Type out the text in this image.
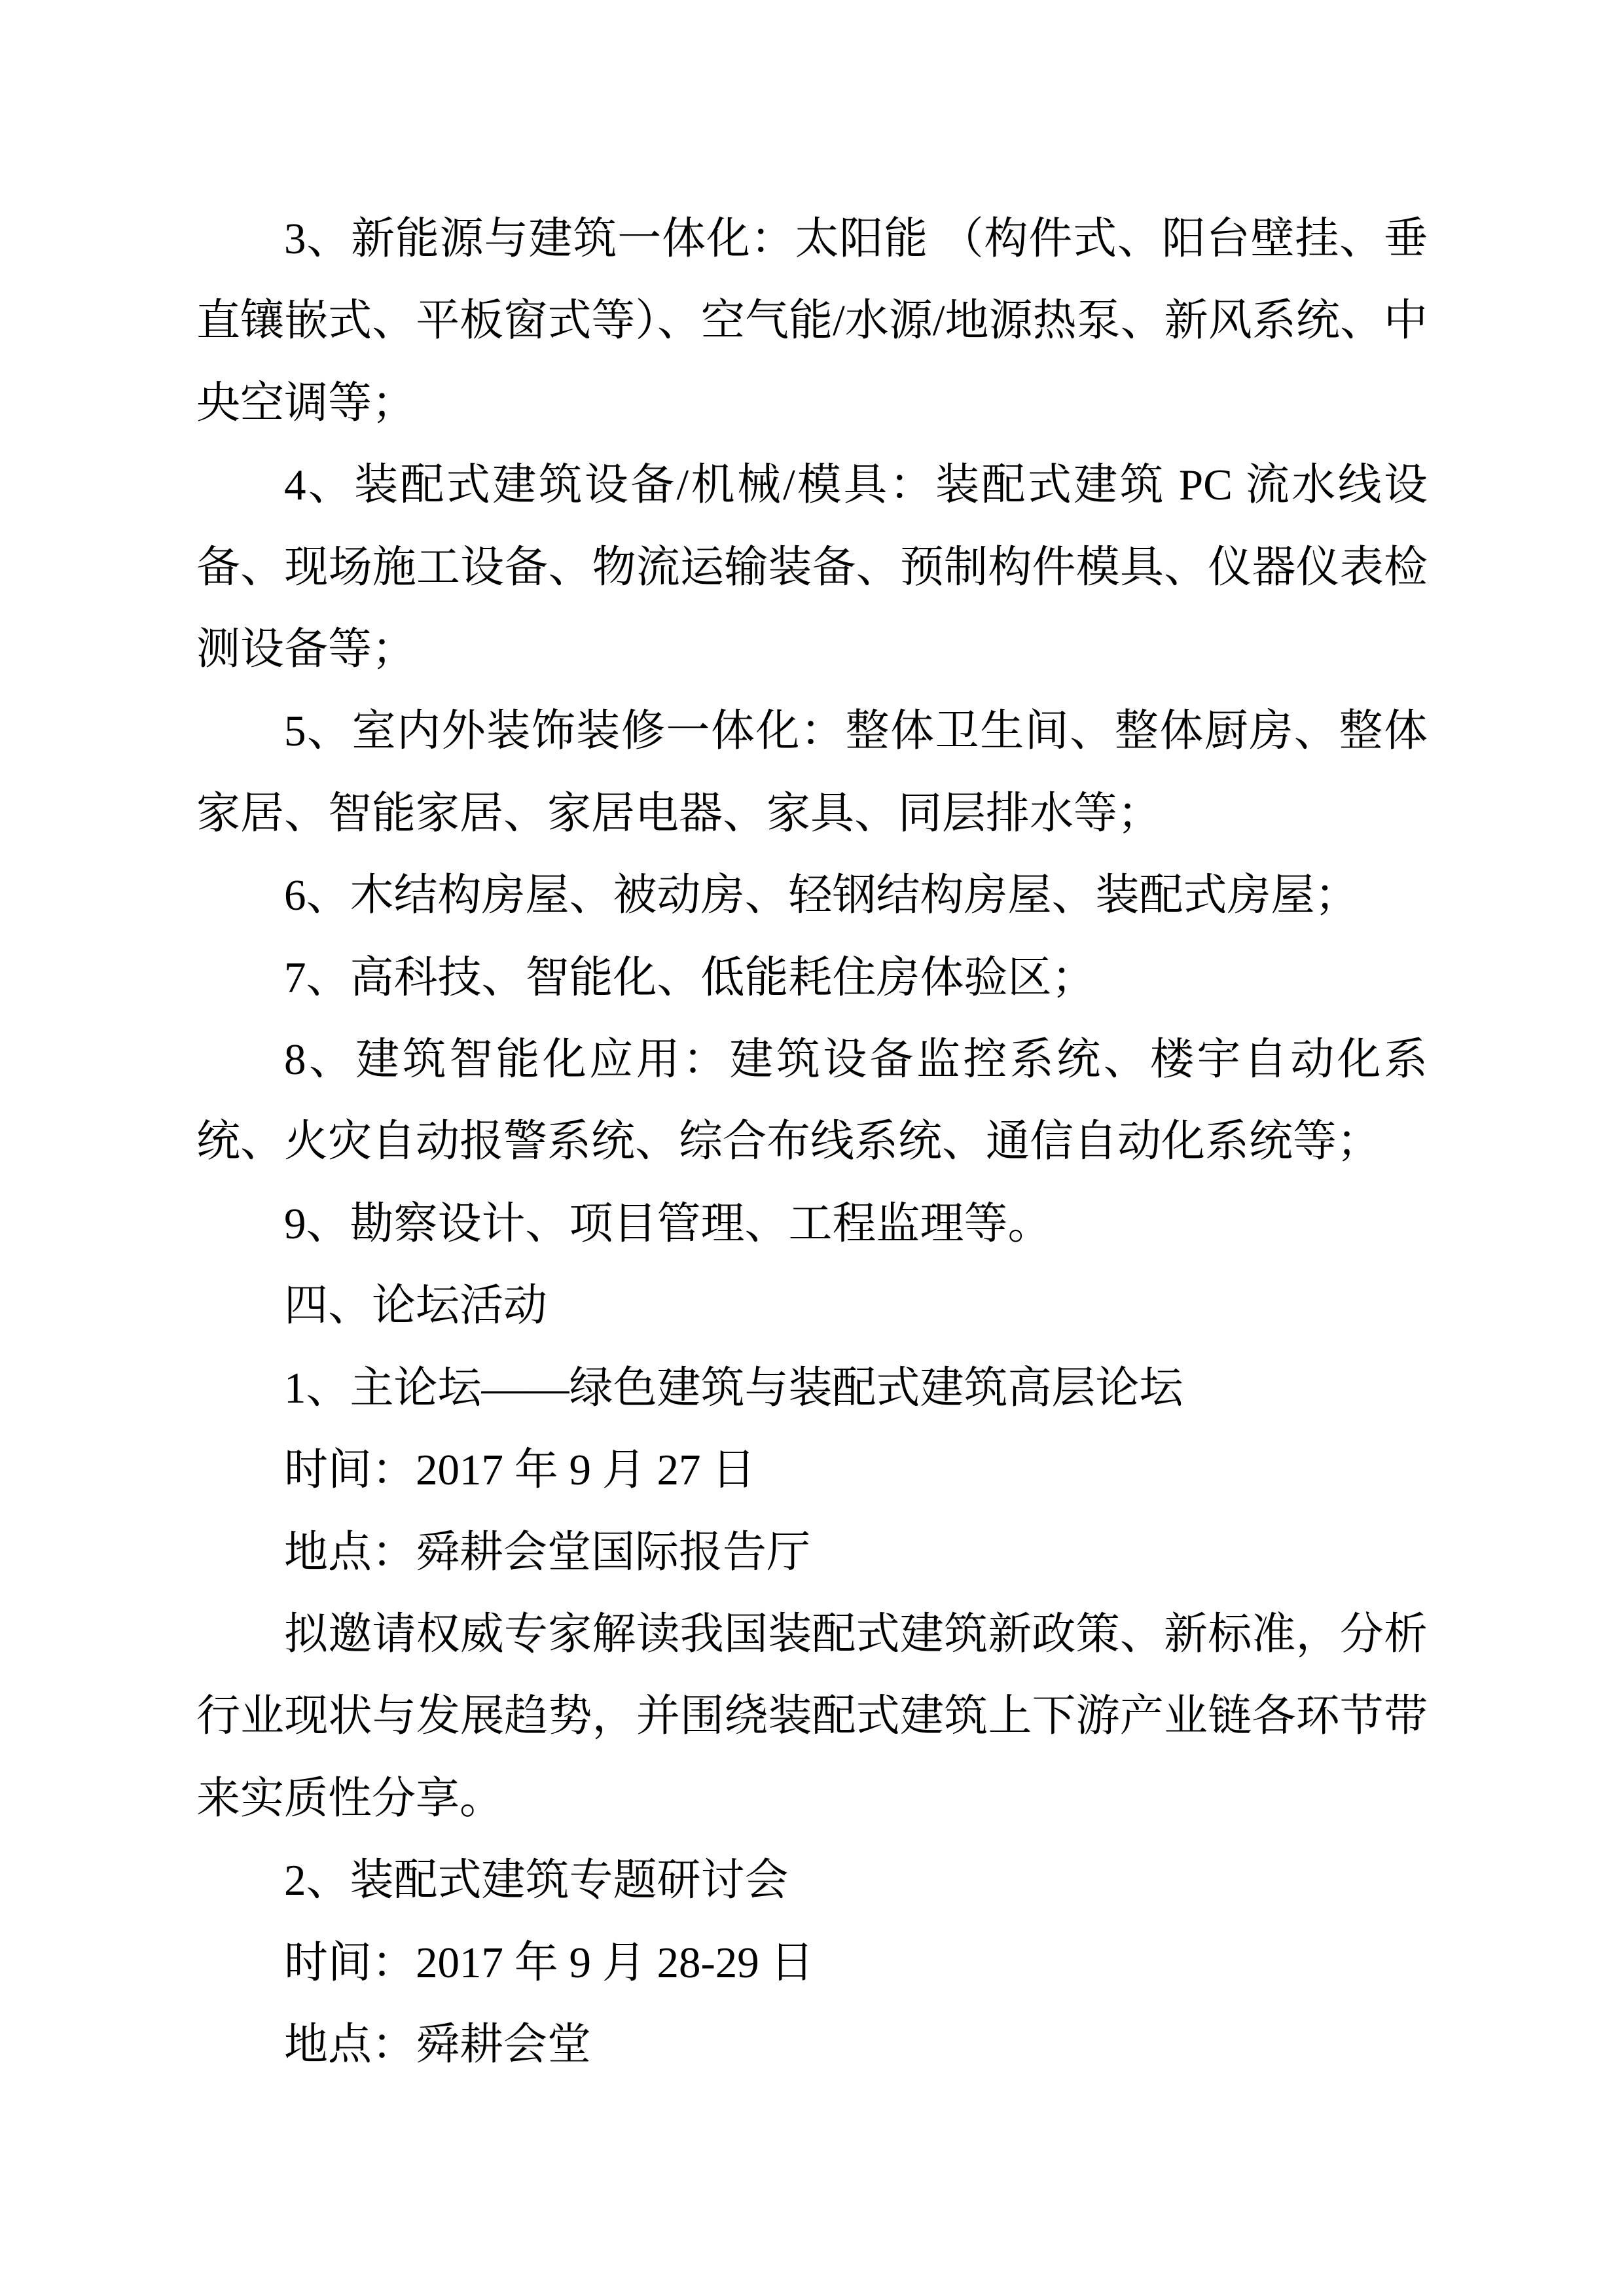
3、新能源与建筑一体化：太阳能 （构件式、阳台壁挂、垂直镶嵌式、平板窗式等）、空气能/水源/地源热泵、新风系统、中央空调等；

4、装配式建筑设备/机械/模具：装配式建筑 PC 流水线设备、现场施工设备、物流运输装备、预制构件模具、仪器仪表检测设备等；

5、室内外装饰装修一体化：整体卫生间、整体厨房、整体家居、智能家居、家居电器、家具、同层排水等；

6、木结构房屋、被动房、轻钢结构房屋、装配式房屋；

7、高科技、智能化、低能耗住房体验区；

8、建筑智能化应用：建筑设备监控系统、楼宇自动化系统、火灾自动报警系统、综合布线系统、通信自动化系统等；

9、勘察设计、项目管理、工程监理等。

四、论坛活动

1、主论坛——绿色建筑与装配式建筑高层论坛

时间：2017 年 9 月 27 日

地点：舜耕会堂国际报告厅

拟邀请权威专家解读我国装配式建筑新政策、新标准，分析行业现状与发展趋势，并围绕装配式建筑上下游产业链各环节带来实质性分享。

2、装配式建筑专题研讨会

时间：2017 年 9 月 28-29 日

地点：舜耕会堂
